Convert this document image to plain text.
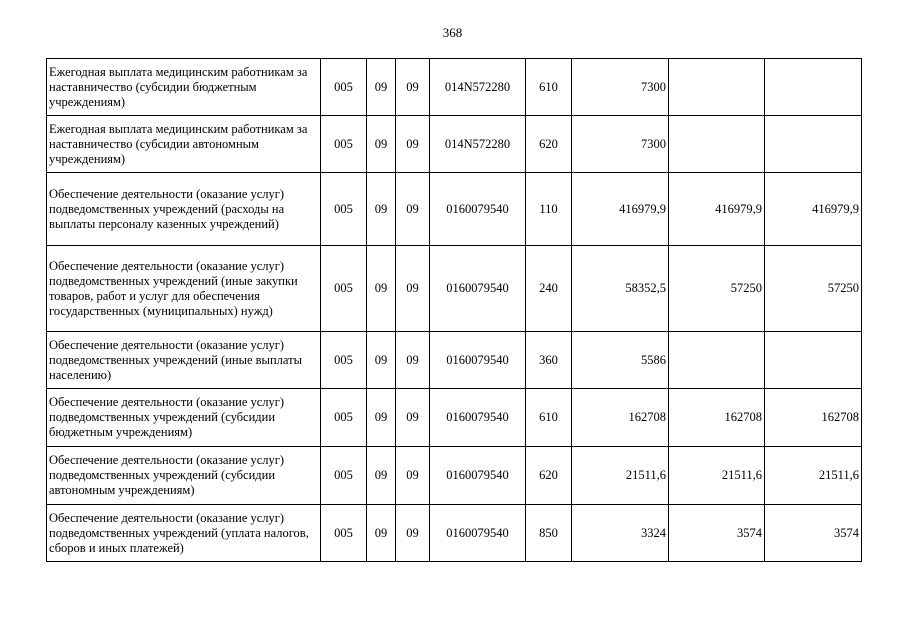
368
Ежегодная выплата медицинским работникам за наставничество (субсидии бюджетным учреждениям)	005	09	09	014N572280	610	7300		
Ежегодная выплата медицинским работникам за наставничество (субсидии автономным учреждениям)	005	09	09	014N572280	620	7300		
Обеспечение деятельности (оказание услуг) подведомственных учреждений (расходы на выплаты персоналу казенных учреждений)	005	09	09	0160079540	110	416979,9	416979,9	416979,9
Обеспечение деятельности (оказание услуг) подведомственных учреждений (иные закупки товаров, работ и услуг для обеспечения государственных (муниципальных) нужд)	005	09	09	0160079540	240	58352,5	57250	57250
Обеспечение деятельности (оказание услуг) подведомственных учреждений (иные выплаты населению)	005	09	09	0160079540	360	5586		
Обеспечение деятельности (оказание услуг) подведомственных учреждений (субсидии бюджетным учреждениям)	005	09	09	0160079540	610	162708	162708	162708
Обеспечение деятельности (оказание услуг) подведомственных учреждений (субсидии автономным учреждениям)	005	09	09	0160079540	620	21511,6	21511,6	21511,6
Обеспечение деятельности (оказание услуг) подведомственных учреждений (уплата налогов, сборов и иных платежей)	005	09	09	0160079540	850	3324	3574	3574
